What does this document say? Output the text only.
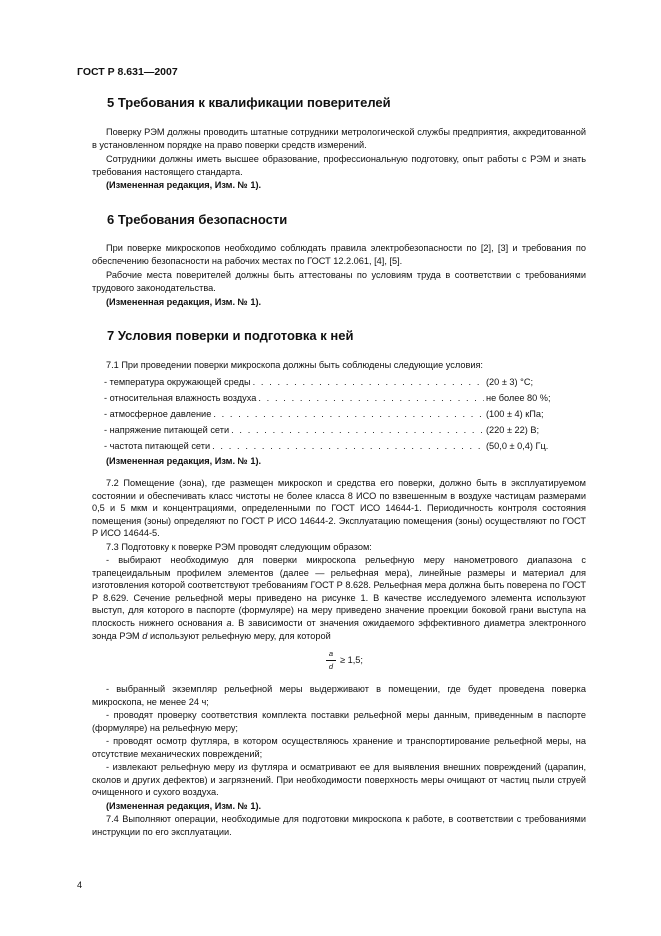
ГОСТ Р 8.631—2007
5 Требования к квалификации поверителей

Поверку РЭМ должны проводить штатные сотрудники метрологической службы предприятия, аккредитованной в установленном порядке на право поверки средств измерений.

Сотрудники должны иметь высшее образование, профессиональную подготовку, опыт работы с РЭМ и знать требования настоящего стандарта.

(Измененная редакция, Изм. № 1).
6 Требования безопасности

При поверке микроскопов необходимо соблюдать правила электробезопасности по [2], [3] и требования по обеспечению безопасности на рабочих местах по ГОСТ 12.2.061, [4], [5].

Рабочие места поверителей должны быть аттестованы по условиям труда в соответствии с требованиями трудового законодательства.

(Измененная редакция, Изм. № 1).
7 Условия поверки и подготовка к ней

7.1 При проведении поверки микроскопа должны быть соблюдены следующие условия:

- температура окружающей среды . . .	(20 ± 3) °С;
- относительная влажность воздуха . . .	не более 80 %;
- атмосферное давление . . .	(100 ± 4) кПа;
- напряжение питающей сети . . .	(220 ± 22) В;
- частота питающей сети . . .	(50,0 ± 0,4) Гц.
(Измененная редакция, Изм. № 1).

7.2 Помещение (зона), где размещен микроскоп и средства его поверки, должно быть в эксплуатируемом состоянии и обеспечивать класс чистоты не более класса 8 ИСО по взвешенным в воздухе частицам размерами 0,5 и 5 мкм и концентрациями, определенными по ГОСТ ИСО 14644-1. Периодичность контроля состояния помещения (зоны) определяют по ГОСТ Р ИСО 14644-2. Эксплуатацию помещения (зоны) осуществляют по ГОСТ Р ИСО 14644-5.

7.3 Подготовку к поверке РЭМ проводят следующим образом:

- выбирают необходимую для поверки микроскопа рельефную меру нанометрового диапазона с трапецеидальным профилем элементов (далее — рельефная мера), линейные размеры и материал для изготовления которой соответствуют требованиям ГОСТ Р 8.628. Рельефная мера должна быть поверена по ГОСТ Р 8.629. Сечение рельефной меры приведено на рисунке 1. В качестве исследуемого элемента используют выступ, для которого в паспорте (формуляре) на меру приведено значение проекции боковой грани выступа на плоскость нижнего основания а. В зависимости от значения ожидаемого эффективного диаметра электронного зонда РЭМ d используют рельефную меру, для которой

a
d
≥ 1,5;

- выбранный экземпляр рельефной меры выдерживают в помещении, где будет проведена поверка микроскопа, не менее 24 ч;

- проводят проверку соответствия комплекта поставки рельефной меры данным, приведенным в паспорте (формуляре) на рельефную меру;

- проводят осмотр футляра, в котором осуществляюсь хранение и транспортирование рельефной меры, на отсутствие механических повреждений;

- извлекают рельефную меру из футляра и осматривают ее для выявления внешних повреждений (царапин, сколов и других дефектов) и загрязнений. При необходимости поверхность меры очищают от частиц пыли струей очищенного и сухого воздуха.

(Измененная редакция, Изм. № 1).

7.4 Выполняют операции, необходимые для подготовки микроскопа к работе, в соответствии с требованиями инструкции по его эксплуатации.

4
